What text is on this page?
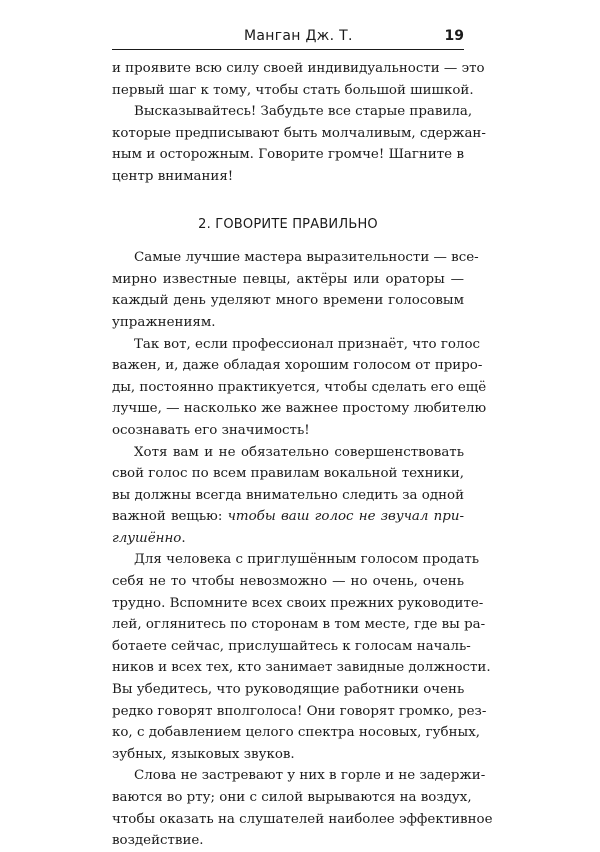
Манган Дж. Т.	19

и проявите всю силу своей индивидуальности — это
первый шаг к тому, чтобы стать большой шишкой.

Высказывайтесь! Забудьте все старые правила,
которые предписывают быть молчаливым, сдержан-
ным и осторожным. Говорите громче! Шагните в
центр внимания!

2. ГОВОРИТЕ ПРАВИЛЬНО

Самые лучшие мастера выразительности — все-
мирно известные певцы, актёры или ораторы —
каждый день уделяют много времени голосовым
упражнениям.

Так вот, если профессионал признаёт, что голос
важен, и, даже обладая хорошим голосом от приро-
ды, постоянно практикуется, чтобы сделать его ещё
лучше, — насколько же важнее простому любителю
осознавать его значимость!

Хотя вам и не обязательно совершенствовать
свой голос по всем правилам вокальной техники,
вы должны всегда внимательно следить за одной
важной вещью: чтобы ваш голос не звучал при-
глушённо.

Для человека с приглушённым голосом продать
себя не то чтобы невозможно — но очень, очень
трудно. Вспомните всех своих прежних руководите-
лей, оглянитесь по сторонам в том месте, где вы ра-
ботаете сейчас, прислушайтесь к голосам началь-
ников и всех тех, кто занимает завидные должности.
Вы убедитесь, что руководящие работники очень
редко говорят вполголоса! Они говорят громко, рез-
ко, с добавлением целого спектра носовых, губных,
зубных, языковых звуков.

Слова не застревают у них в горле и не задержи-
ваются во рту; они с силой вырываются на воздух,
чтобы оказать на слушателей наиболее эффективное
воздействие.
